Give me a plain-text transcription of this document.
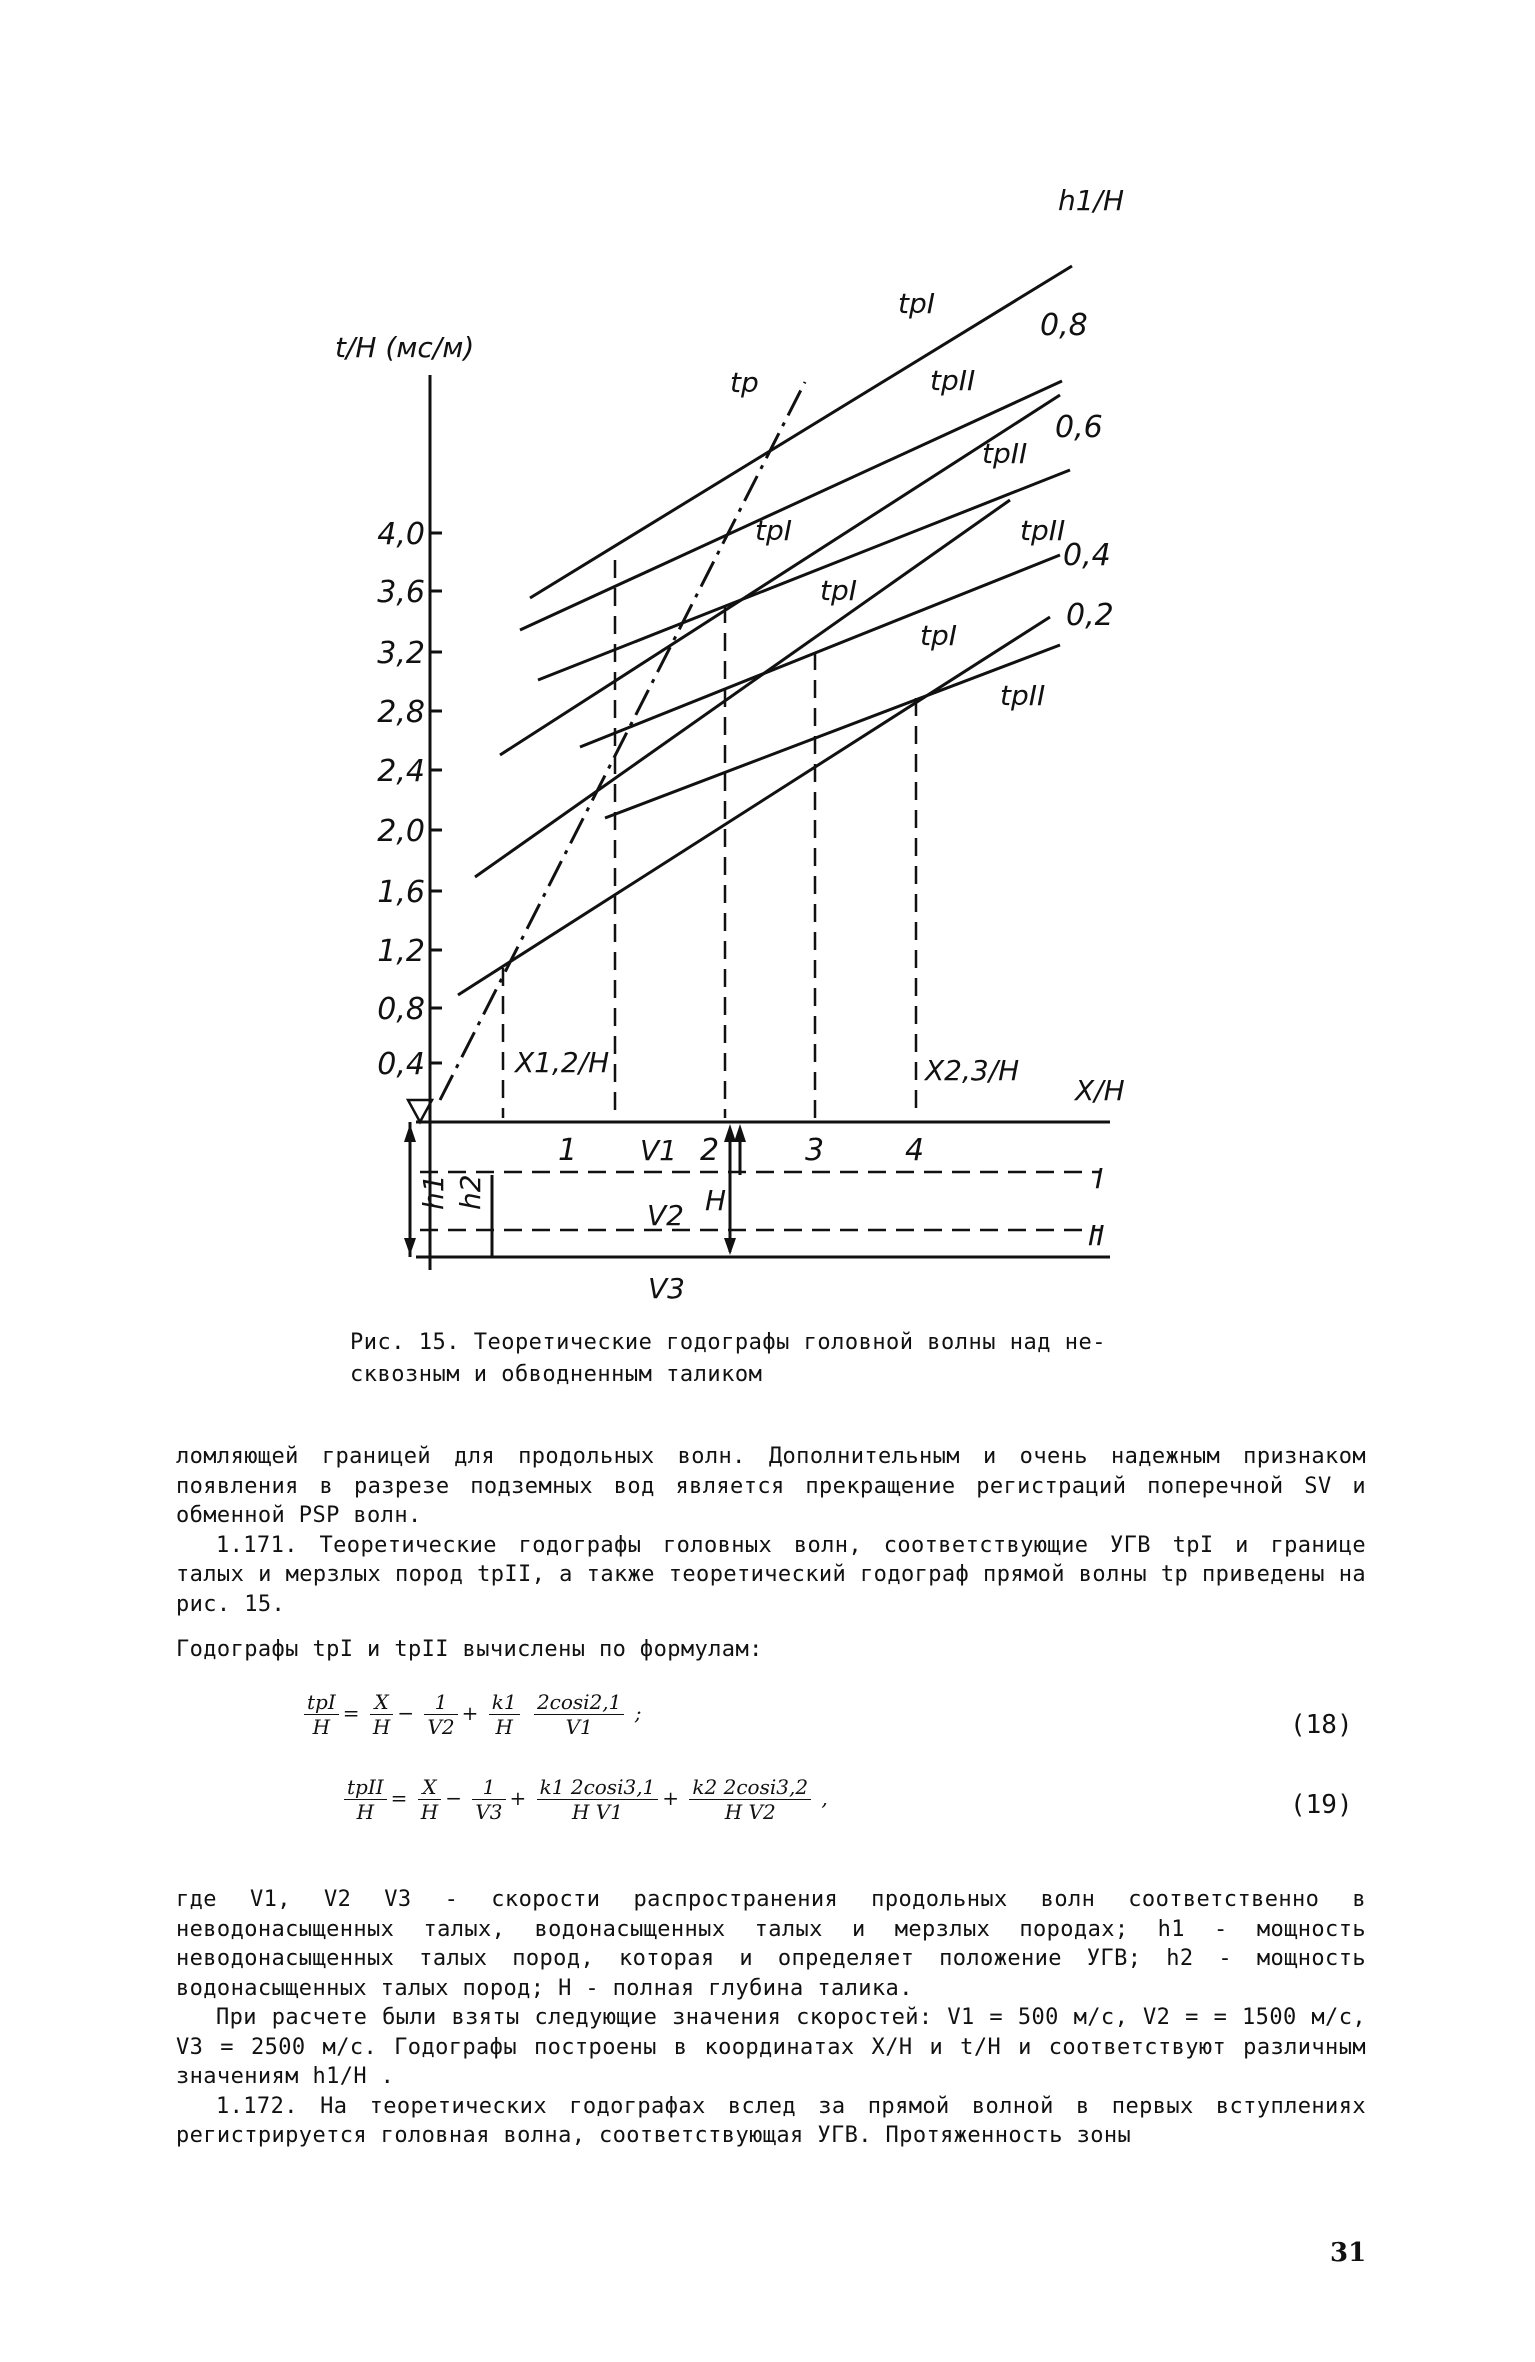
t/H (мс/м)
4,0
3,6
3,2
2,8
2,4
2,0
1,6
1,2
0,8
0,4
1	2	3	4
X/H
h1/H
0,8
0,6
0,4
0,2
tp
tpI
tpII
tpII
tpI	tpII
tpI
tpI
tpII
X1,2/H	X2,3/H
V1
V2
V3
h1 h2	H
I
II
Рис. 15. Теоретические годографы головной волны над не-
сквозным и обводненным таликом

ломляющей границей для продольных волн. Дополнительным и очень надежным признаком появления в разрезе подземных вод является прекращение регистраций поперечной SV и обменной PSP волн.

1.171. Теоретические годографы головных волн, соответствующие УГВ tpI и границе талых и мерзлых пород tpII, а также теоретический годограф прямой волны tp приведены на рис. 15.

Годографы tpI и tpII вычислены по формулам:

$\frac{\text{tpI}}{H} = \frac{X}{H} - \frac{1}{V2} + \frac{k1}{H}$
$\frac{2\cos i2,1}{V1}$ ;	(18)
$\frac{\text{tpII}}{H} = \frac{X}{H} - \frac{1}{V3} + \frac{k1 2\cos i3,1}{\text{H V1}} + \frac{k2 2\cos i3,2}{\text{H V2}}$ ,	(19)

где V1, V2 V3 - скорости распространения продольных волн соответственно в неводонасыщенных талых, водонасыщенных талых и мерзлых породах; h1 - мощность неводонасыщенных талых пород, которая и определяет положение УГВ; h2 - мощность водонасыщенных талых пород; H - полная глубина талика.

При расчете были взяты следующие значения скоростей: V1 = 500 м/с, V2 = = 1500 м/с, V3 = 2500 м/с. Годографы построены в координатах X/H и t/H и соответствуют различным значениям h1/H .

1.172. На теоретических годографах вслед за прямой волной в первых вступлениях регистрируется головная волна, соответствующая УГВ. Протяженность зоны

31
